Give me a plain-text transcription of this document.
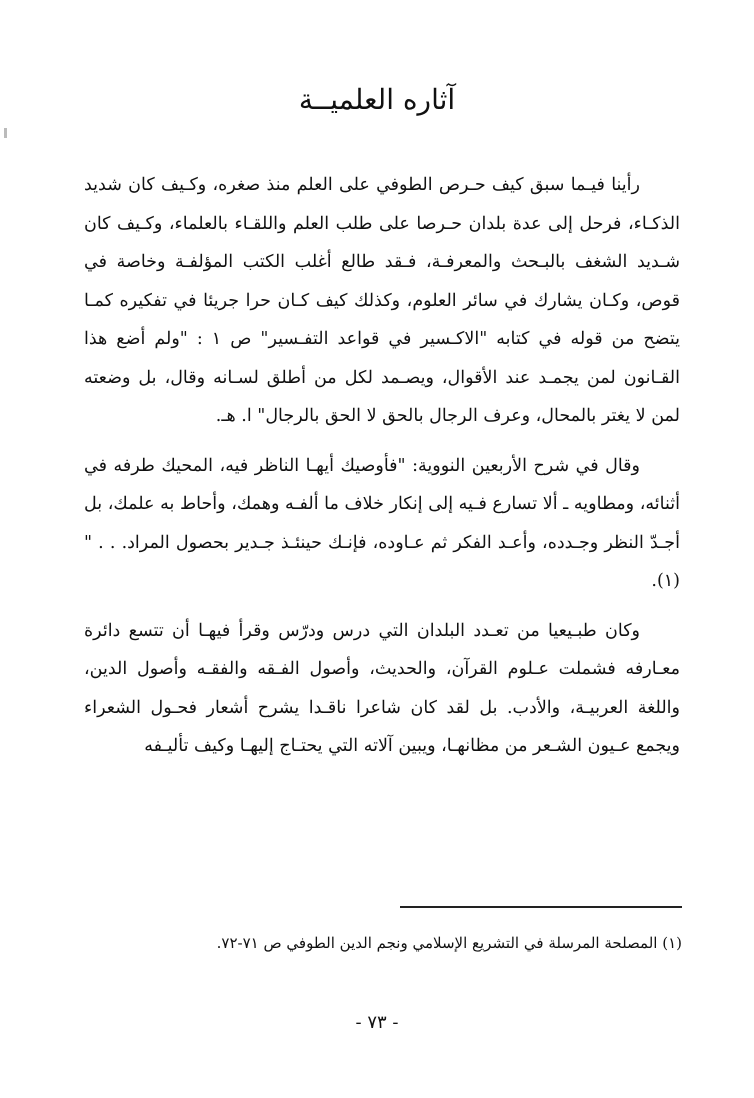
آثاره العلميــة

رأينا فيـما سبق كيف حـرص الطوفي على العلم منذ صغره، وكـيف كان شديد الذكـاء، فرحل إلى عدة بلدان حـرصا على طلب العلم واللقـاء بالعلماء، وكـيف كان شـديد الشغف بالبـحث والمعرفـة، فـقد طالع أغلب الكتب المؤلفـة وخاصة في قوص، وكـان يشارك في سائر العلوم، وكذلك كيف كـان حرا جريئا في تفكيره كمـا يتضح من قوله في كتابه "الاكـسير في قواعد التفـسير" ص ١ : "ولم أضع هذا القـانون لمن يجمـد عند الأقوال، ويصـمد لكل من أطلق لسـانه وقال، بل وضعته لمن لا يغتر بالمحال، وعرف الرجال بالحق لا الحق بالرجال" ا. هـ.

وقال في شرح الأربعين النووية: "فأوصيك أيهـا الناظر فيه، المحيك طرفه في أثنائه، ومطاويه ـ ألا تسارع فـيه إلى إنكار خلاف ما ألفـه وهمك، وأحاط به علمك، بل أجـدّ النظر وجـدده، وأعـد الفكر ثم عـاوده، فإنـك حينئـذ جـدير بحصول المراد. . . "(١).

وكان طبـيعيا من تعـدد البلدان التي درس ودرّس وقرأ فيهـا أن تتسع دائرة معـارفه فشملت عـلوم القرآن، والحديث، وأصول الفـقه والفقـه وأصول الدين، واللغة العربيـة، والأدب. بل لقد كان شاعرا ناقـدا يشرح أشعار فحـول الشعراء ويجمع عـيون الشـعر من مظانهـا، ويبين آلاته التي يحتـاج إليهـا وكيف تأليـفه

(١) المصلحة المرسلة في التشريع الإسلامي ونجم الدين الطوفي ص ٧١-٧٢.

- ٧٣ -
